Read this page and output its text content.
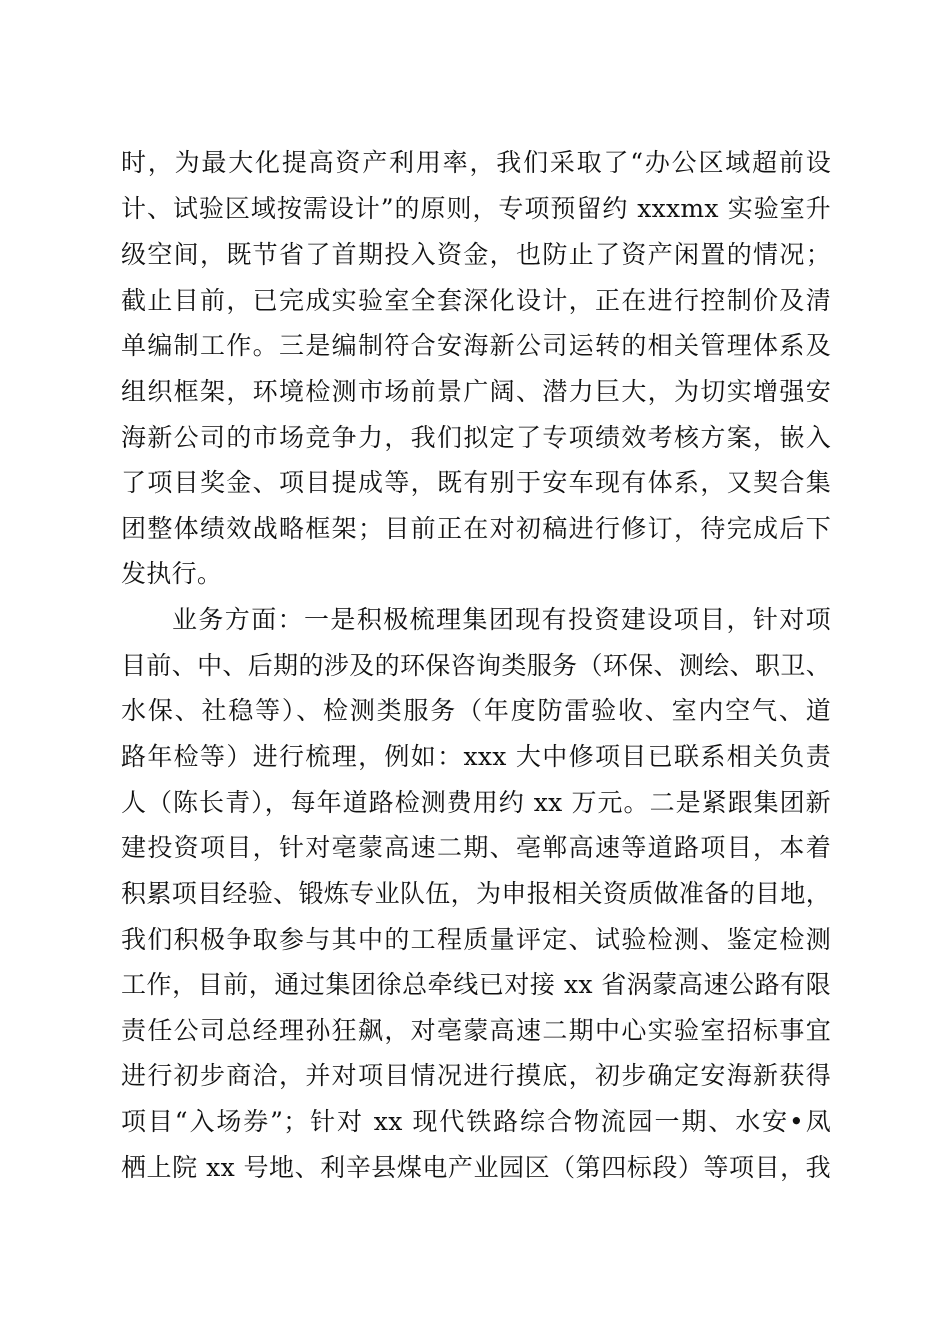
时，为最大化提高资产利用率，我们采取了“办公区域超前设
计、试验区域按需设计”的原则，专项预留约 xxxmx 实验室升
级空间，既节省了首期投入资金，也防止了资产闲置的情况；
截止目前，已完成实验室全套深化设计，正在进行控制价及清
单编制工作。三是编制符合安海新公司运转的相关管理体系及
组织框架，环境检测市场前景广阔、潜力巨大，为切实增强安
海新公司的市场竞争力，我们拟定了专项绩效考核方案，嵌入
了项目奖金、项目提成等，既有别于安车现有体系，又契合集
团整体绩效战略框架；目前正在对初稿进行修订，待完成后下
发执行。
业务方面：一是积极梳理集团现有投资建设项目，针对项
目前、中、后期的涉及的环保咨询类服务（环保、测绘、职卫、
水保、社稳等）、检测类服务（年度防雷验收、室内空气、道
路年检等）进行梳理，例如：xxx 大中修项目已联系相关负责
人（陈长青），每年道路检测费用约 xx 万元。二是紧跟集团新
建投资项目，针对亳蒙高速二期、亳郸高速等道路项目，本着
积累项目经验、锻炼专业队伍，为申报相关资质做准备的目地，
我们积极争取参与其中的工程质量评定、试验检测、鉴定检测
工作，目前，通过集团徐总牵线已对接 xx 省涡蒙高速公路有限
责任公司总经理孙狂飙，对亳蒙高速二期中心实验室招标事宜
进行初步商洽，并对项目情况进行摸底，初步确定安海新获得
项目“入场券”；针对 xx 现代铁路综合物流园一期、水安•凤
栖上院 xx 号地、利辛县煤电产业园区（第四标段）等项目，我
